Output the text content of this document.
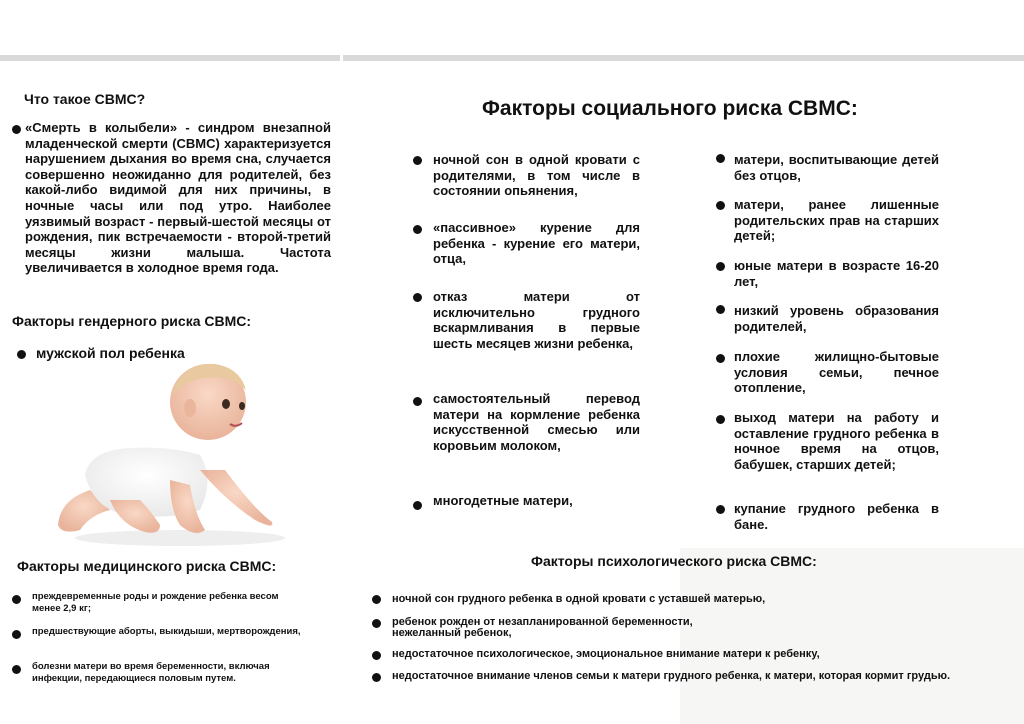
Что такое СВМС?
«Смерть в колыбели» - синдром внезапной младенческой смерти (СВМС) характеризуется нарушением дыхания во время сна, случается совершенно неожиданно для родителей, без какой-либо видимой для них причины, в ночные часы или под утро. Наиболее уязвимый возраст - первый-шестой месяцы от рождения, пик встречаемости - второй-третий месяцы жизни малыша. Частота увеличивается в холодное время года.
Факторы гендерного риска СВМС:
мужской пол ребенка
Факторы медицинского риска СВМС:
преждевременные роды и рождение ребенка весом менее 2,9 кг;
предшествующие аборты, выкидыши, мертворождения,
болезни матери во время беременности, включая инфекции, передающиеся половым путем.
Факторы социального риска СВМС:
ночной сон в одной кровати с родителями, в том числе в состоянии опьянения,
«пассивное» курение для ребенка - курение его матери, отца,
отказ матери от исключительно грудного вскармливания в первые шесть месяцев жизни ребенка,
самостоятельный перевод матери на кормление ребенка искусственной смесью или коровьим молоком,
многодетные матери,
матери, воспитывающие детей без отцов,
матери, ранее лишенные родительских прав на старших детей;
юные матери в возрасте 16-20 лет,
низкий уровень образования родителей,
плохие жилищно-бытовые условия семьи, печное отопление,
выход матери на работу и оставление грудного ребенка в ночное время на отцов, бабушек, старших детей;
купание грудного ребенка в бане.
Факторы психологического риска СВМС:
ночной сон грудного ребенка в одной кровати с уставшей матерью,
ребенок рожден от незапланированной беременности,
нежеланный ребенок,
недостаточное психологическое, эмоциональное внимание матери к ребенку,
недостаточное внимание членов семьи к матери грудного ребенка, к матери, которая кормит грудью.
